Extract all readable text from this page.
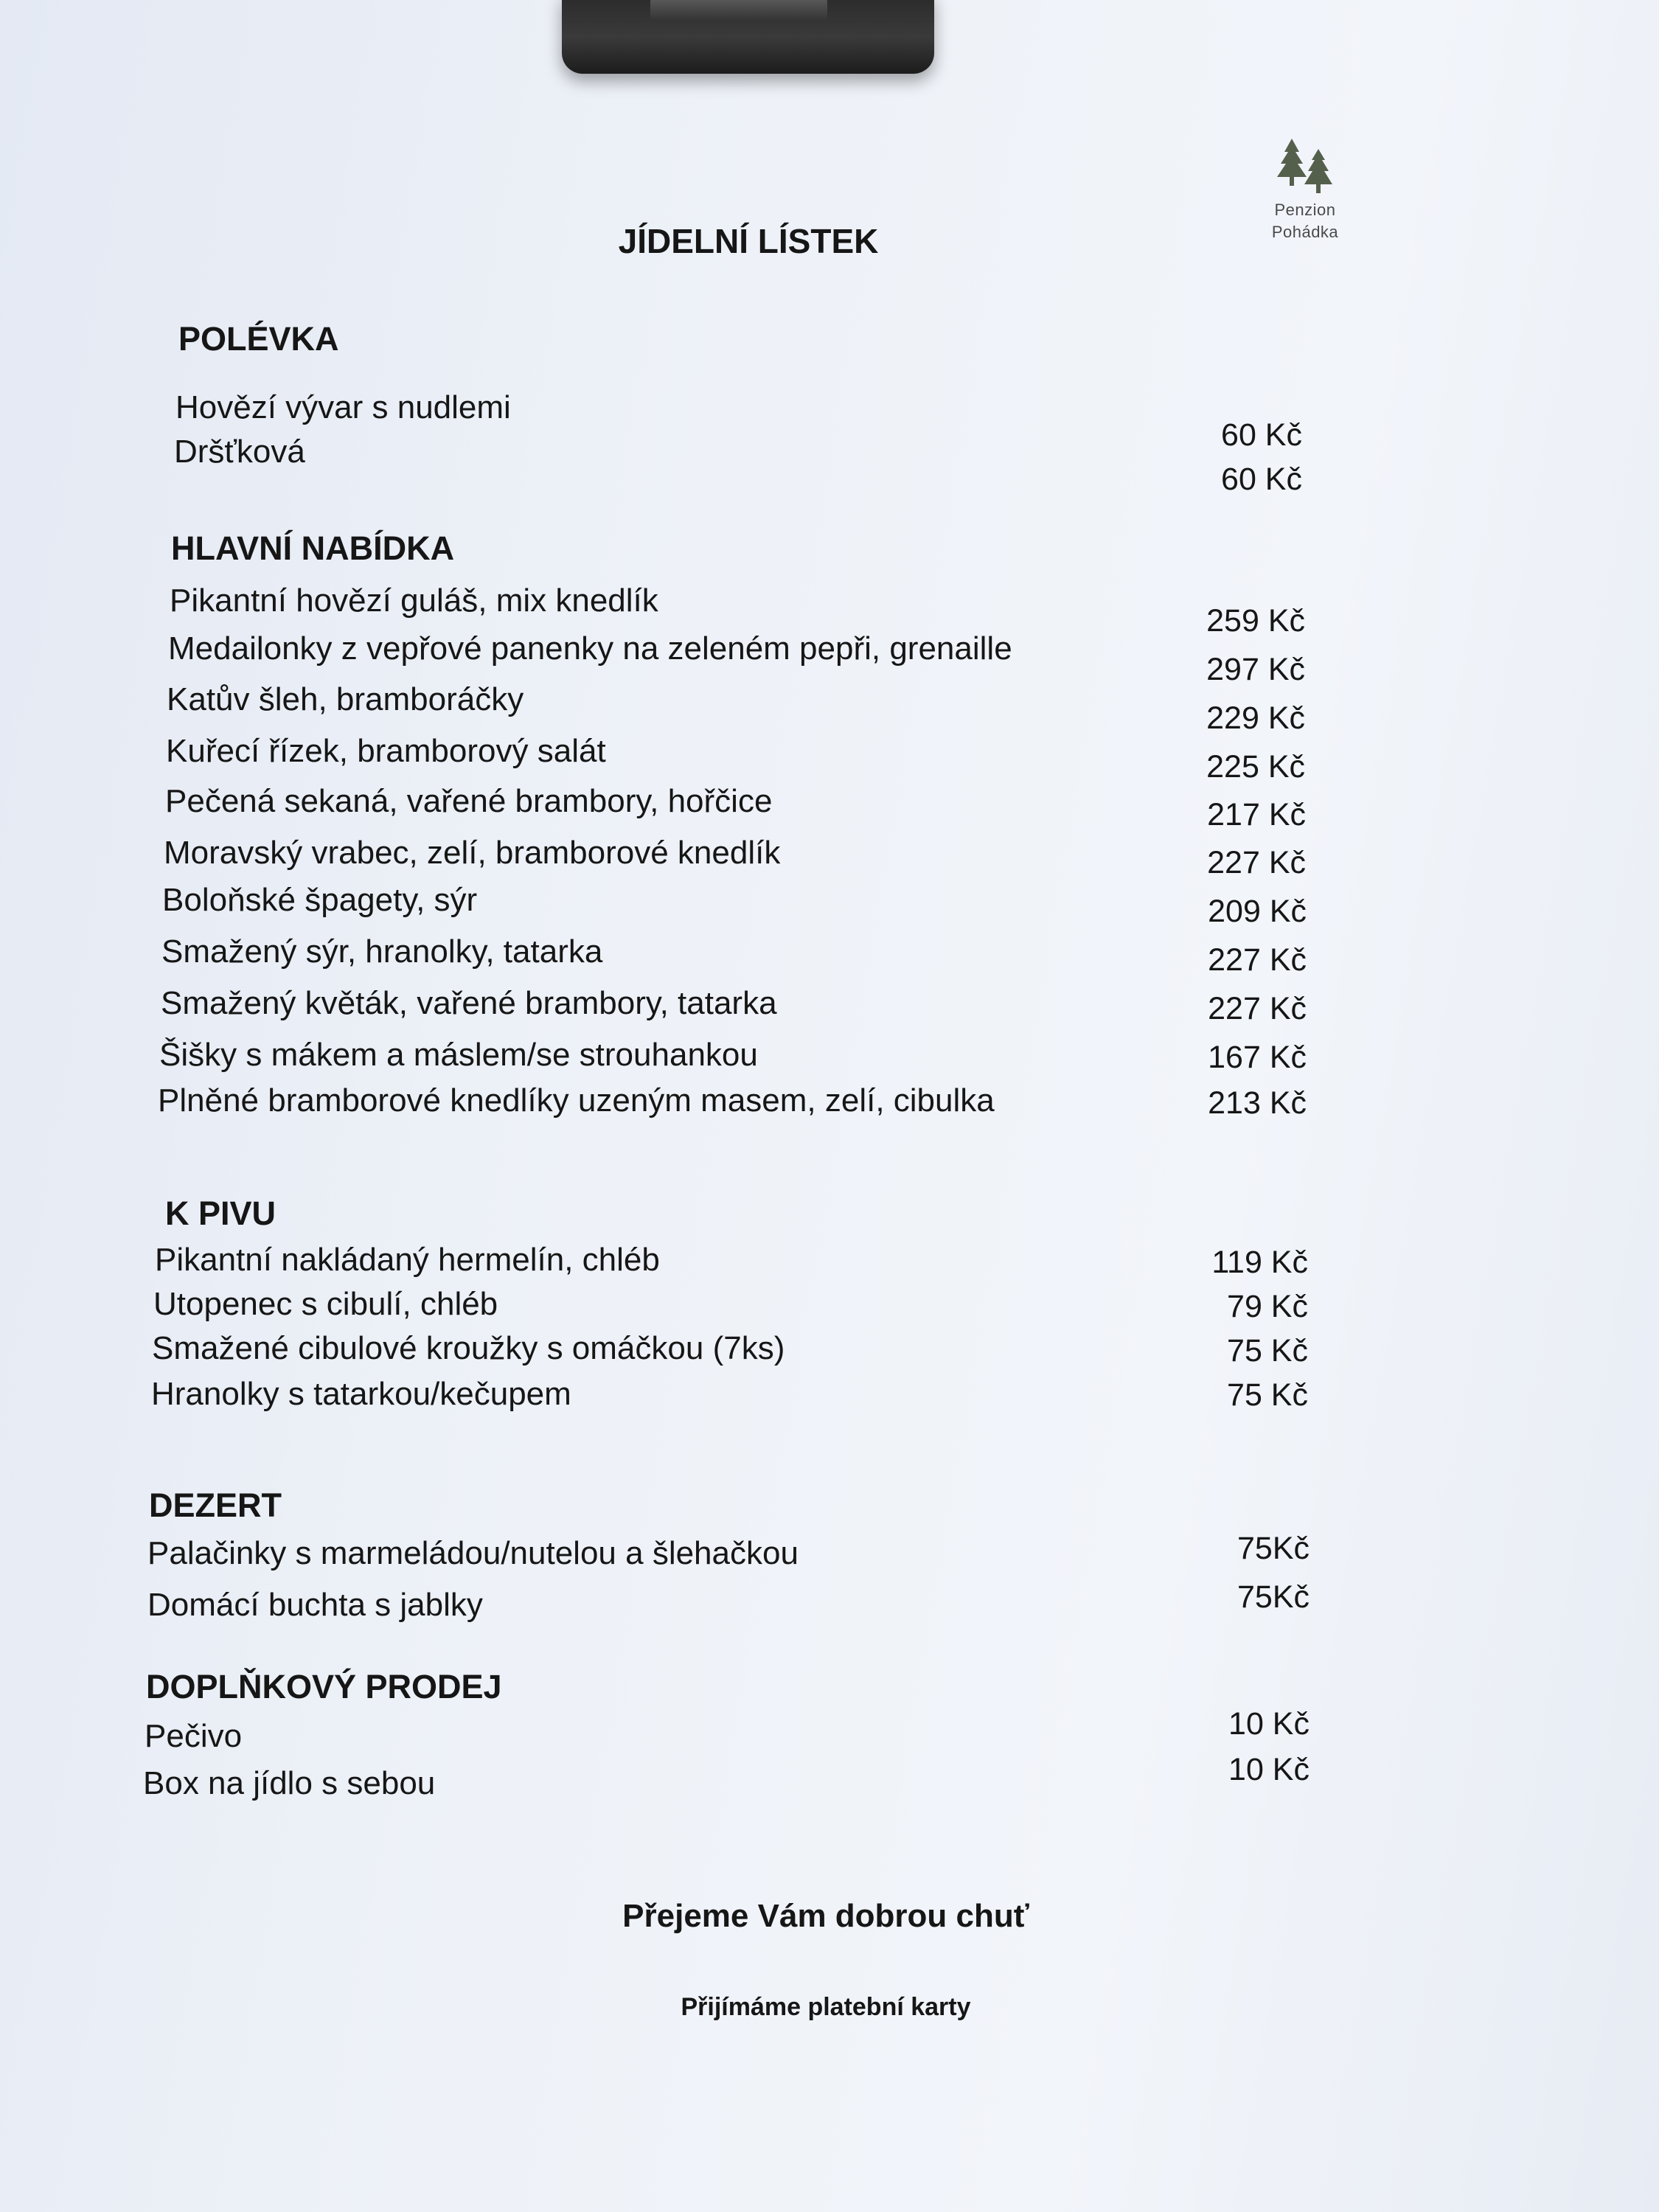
Penzion
Pohádka
JÍDELNÍ LÍSTEK
POLÉVKA
Hovězí vývar s nudlemi
Dršťková	60 Kč
60 Kč
HLAVNÍ NABÍDKA
Pikantní hovězí guláš, mix knedlík
Medailonky z vepřové panenky na zeleném pepři, grenaille
Katův šleh, bramboráčky
Kuřecí řízek, bramborový salát
Pečená sekaná, vařené brambory, hořčice
Moravský vrabec, zelí, bramborové knedlík
Boloňské špagety, sýr
Smažený sýr, hranolky, tatarka
Smažený květák, vařené brambory, tatarka
Šišky s mákem a máslem/se strouhankou
Plněné bramborové knedlíky uzeným masem, zelí, cibulka
259 Kč
297 Kč
229 Kč
225 Kč
217 Kč
227 Kč
209 Kč
227 Kč
227 Kč
167 Kč
213 Kč
K PIVU
Pikantní nakládaný hermelín, chléb
Utopenec s cibulí, chléb
Smažené cibulové kroužky s omáčkou (7ks)
Hranolky s tatarkou/kečupem
119 Kč
79 Kč
75 Kč
75 Kč
DEZERT
Palačinky s marmeládou/nutelou a šlehačkou
Domácí buchta s jablky
75Kč
75Kč
DOPLŇKOVÝ PRODEJ
Pečivo
Box na jídlo s sebou
10 Kč
10 Kč

Přejeme Vám dobrou chuť

Přijímáme platební karty
